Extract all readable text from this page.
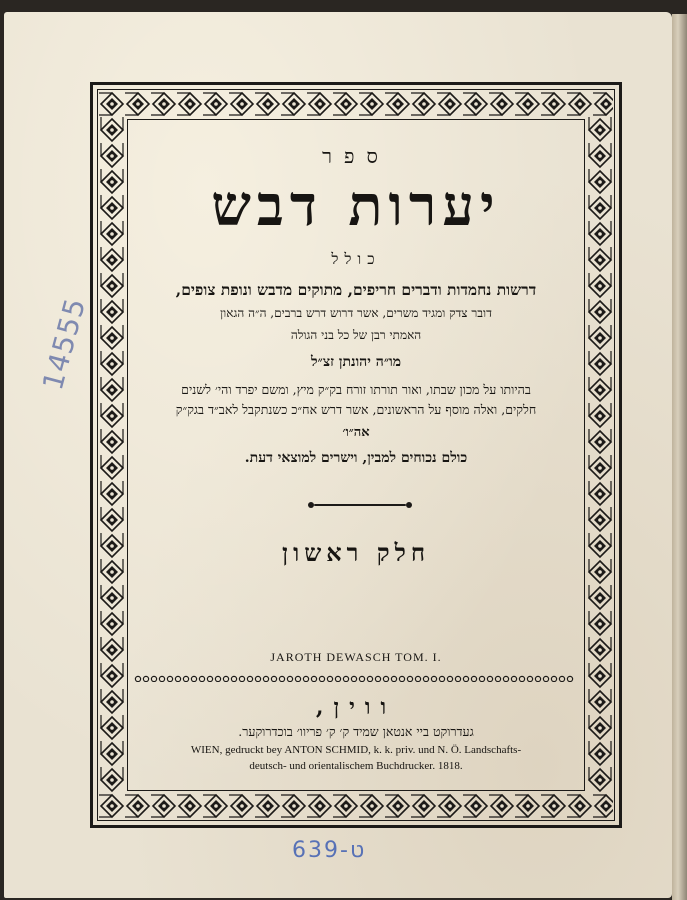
ספר
יערות דבש
כולל
דרשות נחמדות ודברים חריפים, מתוקים מדבש ונופת צופים,
דובר צדק ומגיד משרים, אשר דרוש דרש ברבים, ה״ה הגאון
האמתי רבן של כל בני הגולה
מו״ה יהונתן זצ״ל
בהיותו על מכון שבתו, ואור תורתו זורח בק״ק מיץ, ומשם יפרד והי׳ לשנים
חלקים, ואלה מוסף על הראשונים, אשר דרש אח״כ כשנתקבל לאב״ד בגק״ק
אה״ו׳
כולם נכוחים למבין, וישרים למוצאי דעת.
חלק ראשון
JAROTH DEWASCH TOM. I.
ווין,
געדרוקט ביי אנטאן שמיד ק׳ ק׳ פריוו׳ בוכדרוקער.
WIEN, gedruckt bey ANTON SCHMID, k. k. priv. und N. Ö. Landschafts-
deutsch- und orientalischem Buchdrucker. 1818.
14555
639-ט
